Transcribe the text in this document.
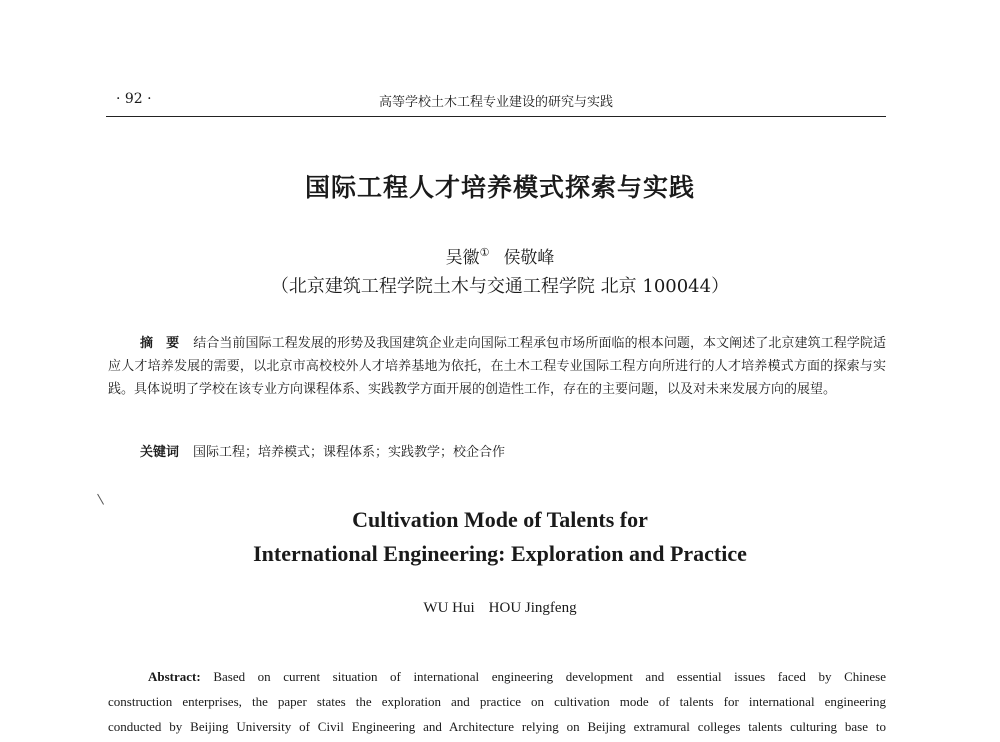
· 92 ·	高等学校土木工程专业建设的研究与实践
国际工程人才培养模式探索与实践
吴徽① 侯敬峰
（北京建筑工程学院土木与交通工程学院 北京 100044）
摘　要 结合当前国际工程发展的形势及我国建筑企业走向国际工程承包市场所面临的根本问题，本文阐述了北京建筑工程学院适应人才培养发展的需要，以北京市高校校外人才培养基地为依托，在土木工程专业国际工程方向所进行的人才培养模式方面的探索与实践。具体说明了学校在该专业方向课程体系、实践教学方面开展的创造性工作，存在的主要问题，以及对未来发展方向的展望。
关键词 国际工程；培养模式；课程体系；实践教学；校企合作
Cultivation Mode of Talents for
International Engineering: Exploration and Practice
WU Hui HOU Jingfeng

Abstract: Based on current situation of international engineering development and essential issues faced by Chinese

construction enterprises, the paper states the exploration and practice on cultivation mode of talents for international engineering

conducted by Beijing University of Civil Engineering and Architecture relying on Beijing extramural colleges talents culturing base to
